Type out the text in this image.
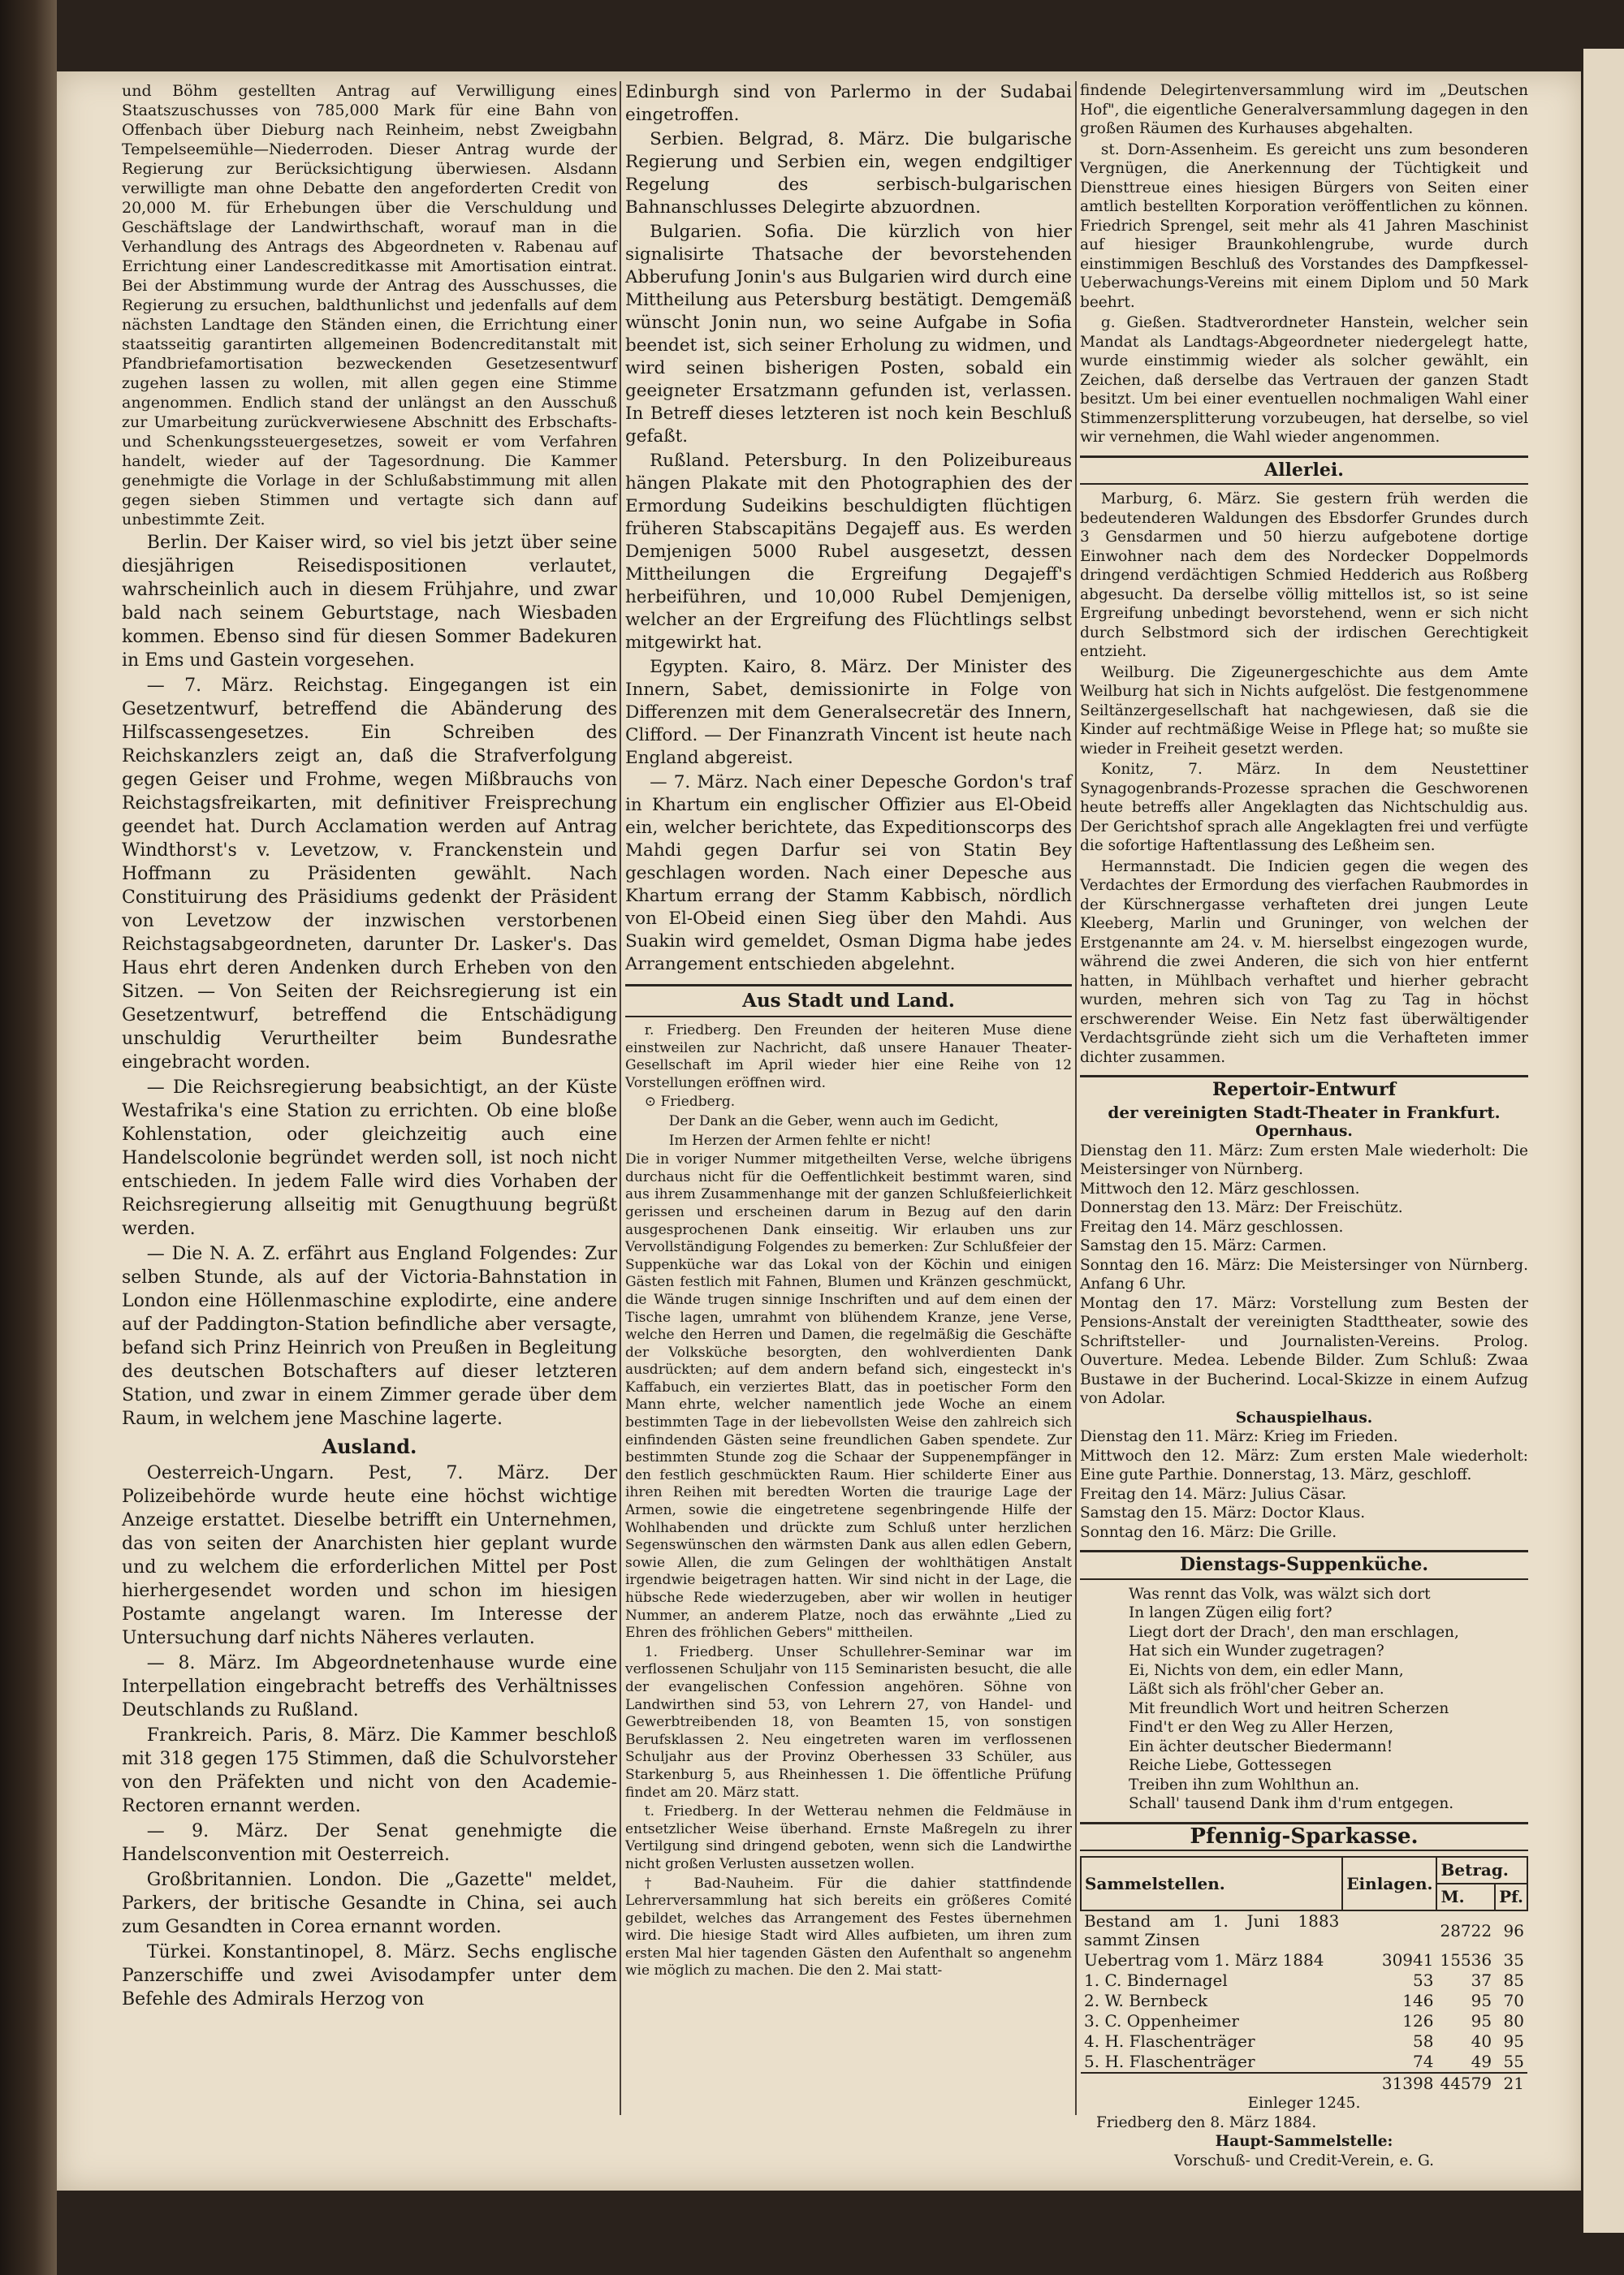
und Böhm gestellten Antrag auf Verwilligung eines Staatszuschusses von 785,000 Mark für eine Bahn von Offenbach über Dieburg nach Reinheim, nebst Zweigbahn Tempelseemühle—Niederroden. Dieser Antrag wurde der Regierung zur Berücksichtigung überwiesen. Alsdann verwilligte man ohne Debatte den angeforderten Credit von 20,000 M. für Erhebungen über die Verschuldung und Geschäftslage der Landwirthschaft, worauf man in die Verhandlung des Antrags des Abgeordneten v. Rabenau auf Errichtung einer Landescreditkasse mit Amortisation eintrat. Bei der Abstimmung wurde der Antrag des Ausschusses, die Regierung zu ersuchen, baldthunlichst und jedenfalls auf dem nächsten Landtage den Ständen einen, die Errichtung einer staatsseitig garantirten allgemeinen Bodencreditanstalt mit Pfandbriefamortisation bezweckenden Gesetzesentwurf zugehen lassen zu wollen, mit allen gegen eine Stimme angenommen. Endlich stand der unlängst an den Ausschuß zur Umarbeitung zurückverwiesene Abschnitt des Erbschafts- und Schenkungssteuergesetzes, soweit er vom Verfahren handelt, wieder auf der Tagesordnung. Die Kammer genehmigte die Vorlage in der Schlußabstimmung mit allen gegen sieben Stimmen und vertagte sich dann auf unbestimmte Zeit.

Berlin. Der Kaiser wird, so viel bis jetzt über seine diesjährigen Reisedispositionen verlautet, wahrscheinlich auch in diesem Frühjahre, und zwar bald nach seinem Geburtstage, nach Wiesbaden kommen. Ebenso sind für diesen Sommer Badekuren in Ems und Gastein vorgesehen.

— 7. März. Reichstag. Eingegangen ist ein Gesetzentwurf, betreffend die Abänderung des Hilfscassengesetzes. Ein Schreiben des Reichskanzlers zeigt an, daß die Strafverfolgung gegen Geiser und Frohme, wegen Mißbrauchs von Reichstagsfreikarten, mit definitiver Freisprechung geendet hat. Durch Acclamation werden auf Antrag Windthorst's v. Levetzow, v. Franckenstein und Hoffmann zu Präsidenten gewählt. Nach Constituirung des Präsidiums gedenkt der Präsident von Levetzow der inzwischen verstorbenen Reichstagsabgeordneten, darunter Dr. Lasker's. Das Haus ehrt deren Andenken durch Erheben von den Sitzen. — Von Seiten der Reichsregierung ist ein Gesetzentwurf, betreffend die Entschädigung unschuldig Verurtheilter beim Bundesrathe eingebracht worden.

— Die Reichsregierung beabsichtigt, an der Küste Westafrika's eine Station zu errichten. Ob eine bloße Kohlenstation, oder gleichzeitig auch eine Handelscolonie begründet werden soll, ist noch nicht entschieden. In jedem Falle wird dies Vorhaben der Reichsregierung allseitig mit Genugthuung begrüßt werden.

— Die N. A. Z. erfährt aus England Folgendes: Zur selben Stunde, als auf der Victoria-Bahnstation in London eine Höllenmaschine explodirte, eine andere auf der Paddington-Station befindliche aber versagte, befand sich Prinz Heinrich von Preußen in Begleitung des deutschen Botschafters auf dieser letzteren Station, und zwar in einem Zimmer gerade über dem Raum, in welchem jene Maschine lagerte.

Ausland.

Oesterreich-Ungarn. Pest, 7. März. Der Polizeibehörde wurde heute eine höchst wichtige Anzeige erstattet. Dieselbe betrifft ein Unternehmen, das von seiten der Anarchisten hier geplant wurde und zu welchem die erforderlichen Mittel per Post hierhergesendet worden und schon im hiesigen Postamte angelangt waren. Im Interesse der Untersuchung darf nichts Näheres verlauten.

— 8. März. Im Abgeordnetenhause wurde eine Interpellation eingebracht betreffs des Verhältnisses Deutschlands zu Rußland.

Frankreich. Paris, 8. März. Die Kammer beschloß mit 318 gegen 175 Stimmen, daß die Schulvorsteher von den Präfekten und nicht von den Academie-Rectoren ernannt werden.

— 9. März. Der Senat genehmigte die Handelsconvention mit Oesterreich.

Großbritannien. London. Die „Gazette" meldet, Parkers, der britische Gesandte in China, sei auch zum Gesandten in Corea ernannt worden.

Türkei. Konstantinopel, 8. März. Sechs englische Panzerschiffe und zwei Avisodampfer unter dem Befehle des Admirals Herzog von

Edinburgh sind von Parlermo in der Sudabai eingetroffen.

Serbien. Belgrad, 8. März. Die bulgarische Regierung und Serbien ein, wegen endgiltiger Regelung des serbisch-bulgarischen Bahnanschlusses Delegirte abzuordnen.

Bulgarien. Sofia. Die kürzlich von hier signalisirte Thatsache der bevorstehenden Abberufung Jonin's aus Bulgarien wird durch eine Mittheilung aus Petersburg bestätigt. Demgemäß wünscht Jonin nun, wo seine Aufgabe in Sofia beendet ist, sich seiner Erholung zu widmen, und wird seinen bisherigen Posten, sobald ein geeigneter Ersatzmann gefunden ist, verlassen. In Betreff dieses letzteren ist noch kein Beschluß gefaßt.

Rußland. Petersburg. In den Polizeibureaus hängen Plakate mit den Photographien des der Ermordung Sudeikins beschuldigten flüchtigen früheren Stabscapitäns Degajeff aus. Es werden Demjenigen 5000 Rubel ausgesetzt, dessen Mittheilungen die Ergreifung Degajeff's herbeiführen, und 10,000 Rubel Demjenigen, welcher an der Ergreifung des Flüchtlings selbst mitgewirkt hat.

Egypten. Kairo, 8. März. Der Minister des Innern, Sabet, demissionirte in Folge von Differenzen mit dem Generalsecretär des Innern, Clifford. — Der Finanzrath Vincent ist heute nach England abgereist.

— 7. März. Nach einer Depesche Gordon's traf in Khartum ein englischer Offizier aus El-Obeid ein, welcher berichtete, das Expeditionscorps des Mahdi gegen Darfur sei von Statin Bey geschlagen worden. Nach einer Depesche aus Khartum errang der Stamm Kabbisch, nördlich von El-Obeid einen Sieg über den Mahdi. Aus Suakin wird gemeldet, Osman Digma habe jedes Arrangement entschieden abgelehnt.

Aus Stadt und Land.

r. Friedberg. Den Freunden der heiteren Muse diene einstweilen zur Nachricht, daß unsere Hanauer Theater-Gesellschaft im April wieder hier eine Reihe von 12 Vorstellungen eröffnen wird.

⊙ Friedberg.

Der Dank an die Geber, wenn auch im Gedicht,

Im Herzen der Armen fehlte er nicht!

Die in voriger Nummer mitgetheilten Verse, welche übrigens durchaus nicht für die Oeffentlichkeit bestimmt waren, sind aus ihrem Zusammenhange mit der ganzen Schlußfeierlichkeit gerissen und erscheinen darum in Bezug auf den darin ausgesprochenen Dank einseitig. Wir erlauben uns zur Vervollständigung Folgendes zu bemerken: Zur Schlußfeier der Suppenküche war das Lokal von der Köchin und einigen Gästen festlich mit Fahnen, Blumen und Kränzen geschmückt, die Wände trugen sinnige Inschriften und auf dem einen der Tische lagen, umrahmt von blühendem Kranze, jene Verse, welche den Herren und Damen, die regelmäßig die Geschäfte der Volksküche besorgten, den wohlverdienten Dank ausdrückten; auf dem andern befand sich, eingesteckt in's Kaffabuch, ein verziertes Blatt, das in poetischer Form den Mann ehrte, welcher namentlich jede Woche an einem bestimmten Tage in der liebevollsten Weise den zahlreich sich einfindenden Gästen seine freundlichen Gaben spendete. Zur bestimmten Stunde zog die Schaar der Suppenempfänger in den festlich geschmückten Raum. Hier schilderte Einer aus ihren Reihen mit beredten Worten die traurige Lage der Armen, sowie die eingetretene segenbringende Hilfe der Wohlhabenden und drückte zum Schluß unter herzlichen Segenswünschen den wärmsten Dank aus allen edlen Gebern, sowie Allen, die zum Gelingen der wohlthätigen Anstalt irgendwie beigetragen hatten. Wir sind nicht in der Lage, die hübsche Rede wiederzugeben, aber wir wollen in heutiger Nummer, an anderem Platze, noch das erwähnte „Lied zu Ehren des fröhlichen Gebers" mittheilen.

1. Friedberg. Unser Schullehrer-Seminar war im verflossenen Schuljahr von 115 Seminaristen besucht, die alle der evangelischen Confession angehören. Söhne von Landwirthen sind 53, von Lehrern 27, von Handel- und Gewerbtreibenden 18, von Beamten 15, von sonstigen Berufsklassen 2. Neu eingetreten waren im verflossenen Schuljahr aus der Provinz Oberhessen 33 Schüler, aus Starkenburg 5, aus Rheinhessen 1. Die öffentliche Prüfung findet am 20. März statt.

t. Friedberg. In der Wetterau nehmen die Feldmäuse in entsetzlicher Weise überhand. Ernste Maßregeln zu ihrer Vertilgung sind dringend geboten, wenn sich die Landwirthe nicht großen Verlusten aussetzen wollen.

† Bad-Nauheim. Für die dahier stattfindende Lehrerversammlung hat sich bereits ein größeres Comité gebildet, welches das Arrangement des Festes übernehmen wird. Die hiesige Stadt wird Alles aufbieten, um ihren zum ersten Mal hier tagenden Gästen den Aufenthalt so angenehm wie möglich zu machen. Die den 2. Mai statt-

findende Delegirtenversammlung wird im „Deutschen Hof", die eigentliche Generalversammlung dagegen in den großen Räumen des Kurhauses abgehalten.

st. Dorn-Assenheim. Es gereicht uns zum besonderen Vergnügen, die Anerkennung der Tüchtigkeit und Diensttreue eines hiesigen Bürgers von Seiten einer amtlich bestellten Korporation veröffentlichen zu können. Friedrich Sprengel, seit mehr als 41 Jahren Maschinist auf hiesiger Braunkohlengrube, wurde durch einstimmigen Beschluß des Vorstandes des Dampfkessel-Ueberwachungs-Vereins mit einem Diplom und 50 Mark beehrt.

g. Gießen. Stadtverordneter Hanstein, welcher sein Mandat als Landtags-Abgeordneter niedergelegt hatte, wurde einstimmig wieder als solcher gewählt, ein Zeichen, daß derselbe das Vertrauen der ganzen Stadt besitzt. Um bei einer eventuellen nochmaligen Wahl einer Stimmenzersplitterung vorzubeugen, hat derselbe, so viel wir vernehmen, die Wahl wieder angenommen.

Allerlei.

Marburg, 6. März. Sie gestern früh werden die bedeutenderen Waldungen des Ebsdorfer Grundes durch 3 Gensdarmen und 50 hierzu aufgebotene dortige Einwohner nach dem des Nordecker Doppelmords dringend verdächtigen Schmied Hedderich aus Roßberg abgesucht. Da derselbe völlig mittellos ist, so ist seine Ergreifung unbedingt bevorstehend, wenn er sich nicht durch Selbstmord sich der irdischen Gerechtigkeit entzieht.

Weilburg. Die Zigeunergeschichte aus dem Amte Weilburg hat sich in Nichts aufgelöst. Die festgenommene Seiltänzergesellschaft hat nachgewiesen, daß sie die Kinder auf rechtmäßige Weise in Pflege hat; so mußte sie wieder in Freiheit gesetzt werden.

Konitz, 7. März. In dem Neustettiner Synagogenbrands-Prozesse sprachen die Geschworenen heute betreffs aller Angeklagten das Nichtschuldig aus. Der Gerichtshof sprach alle Angeklagten frei und verfügte die sofortige Haftentlassung des Leßheim sen.

Hermannstadt. Die Indicien gegen die wegen des Verdachtes der Ermordung des vierfachen Raubmordes in der Kürschnergasse verhafteten drei jungen Leute Kleeberg, Marlin und Gruninger, von welchen der Erstgenannte am 24. v. M. hierselbst eingezogen wurde, während die zwei Anderen, die sich von hier entfernt hatten, in Mühlbach verhaftet und hierher gebracht wurden, mehren sich von Tag zu Tag in höchst erschwerender Weise. Ein Netz fast überwältigender Verdachtsgründe zieht sich um die Verhafteten immer dichter zusammen.

Repertoir-Entwurf
der vereinigten Stadt-Theater in Frankfurt.
Opernhaus.
Dienstag den 11. März: Zum ersten Male wiederholt: Die Meistersinger von Nürnberg.
Mittwoch den 12. März geschlossen.
Donnerstag den 13. März: Der Freischütz.
Freitag den 14. März geschlossen.
Samstag den 15. März: Carmen.
Sonntag den 16. März: Die Meistersinger von Nürnberg. Anfang 6 Uhr.
Montag den 17. März: Vorstellung zum Besten der Pensions-Anstalt der vereinigten Stadttheater, sowie des Schriftsteller- und Journalisten-Vereins. Prolog. Ouverture. Medea. Lebende Bilder. Zum Schluß: Zwaa Bustawe in der Bucherind. Local-Skizze in einem Aufzug von Adolar.
Schauspielhaus.
Dienstag den 11. März: Krieg im Frieden.
Mittwoch den 12. März: Zum ersten Male wiederholt: Eine gute Parthie. Donnerstag, 13. März, geschloff.
Freitag den 14. März: Julius Cäsar.
Samstag den 15. März: Doctor Klaus.
Sonntag den 16. März: Die Grille.
Dienstags-Suppenküche.
Was rennt das Volk, was wälzt sich dort
In langen Zügen eilig fort?
Liegt dort der Drach', den man erschlagen,
Hat sich ein Wunder zugetragen?
Ei, Nichts von dem, ein edler Mann,
Läßt sich als fröhl'cher Geber an.
Mit freundlich Wort und heitren Scherzen
Find't er den Weg zu Aller Herzen,
Ein ächter deutscher Biedermann!
Reiche Liebe, Gottessegen
Treiben ihn zum Wohlthun an.
Schall' tausend Dank ihm d'rum entgegen.
Pfennig-Sparkasse.
Sammelstellen.	Einlagen.	Betrag.	
		M.	Pf.
Bestand am 1. Juni 1883 sammt Zinsen		28722	96
Uebertrag vom 1. März 1884	30941	15536	35
1. C. Bindernagel	53	37	85
2. W. Bernbeck	146	95	70
3. C. Oppenheimer	126	95	80
4. H. Flaschenträger	58	40	95
5. H. Flaschenträger	74	49	55
	31398	44579	21
Einleger 1245.
Friedberg den 8. März 1884.
Haupt-Sammelstelle:
Vorschuß- und Credit-Verein, e. G.
